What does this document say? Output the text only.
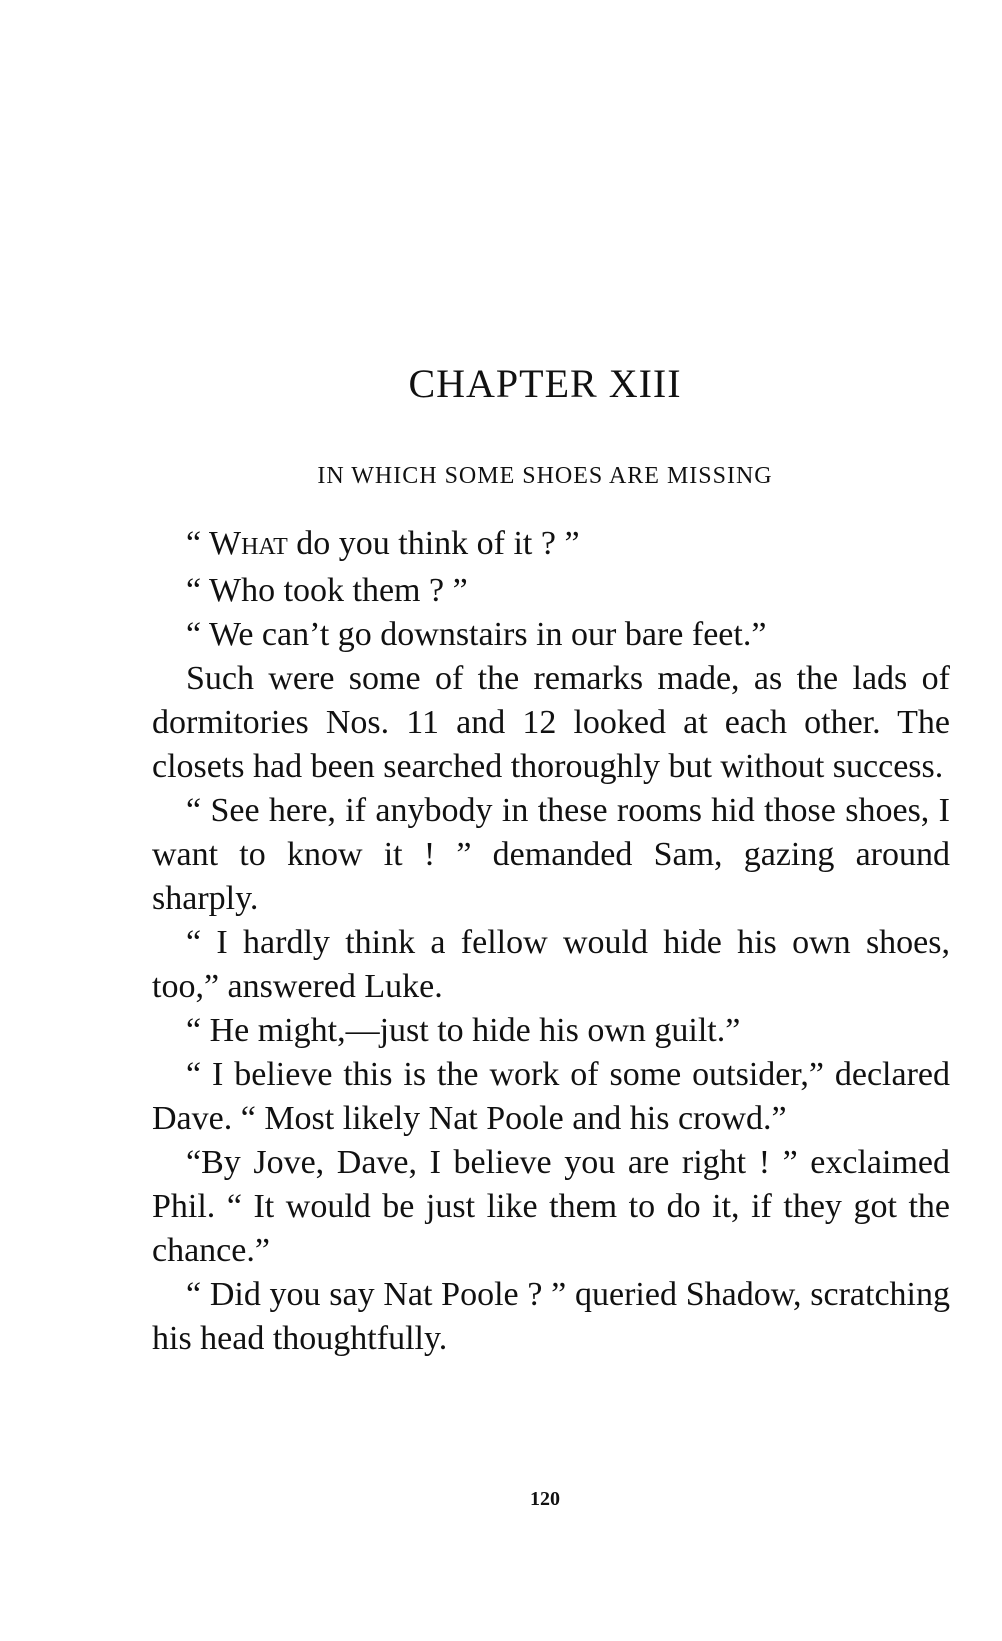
CHAPTER XIII
IN WHICH SOME SHOES ARE MISSING

“ WHAT do you think of it ? ”

“ Who took them ? ”

“ We can’t go downstairs in our bare feet.”

Such were some of the remarks made, as the lads of dormitories Nos. 11 and 12 looked at each other. The closets had been searched thoroughly but without success.

“ See here, if anybody in these rooms hid those shoes, I want to know it ! ” demanded Sam, gazing around sharply.

“ I hardly think a fellow would hide his own shoes, too,” answered Luke.

“ He might,—just to hide his own guilt.”

“ I believe this is the work of some outsider,” declared Dave. “ Most likely Nat Poole and his crowd.”

“By Jove, Dave, I believe you are right ! ” exclaimed Phil. “ It would be just like them to do it, if they got the chance.”

“ Did you say Nat Poole ? ” queried Shadow, scratching his head thoughtfully.

120
